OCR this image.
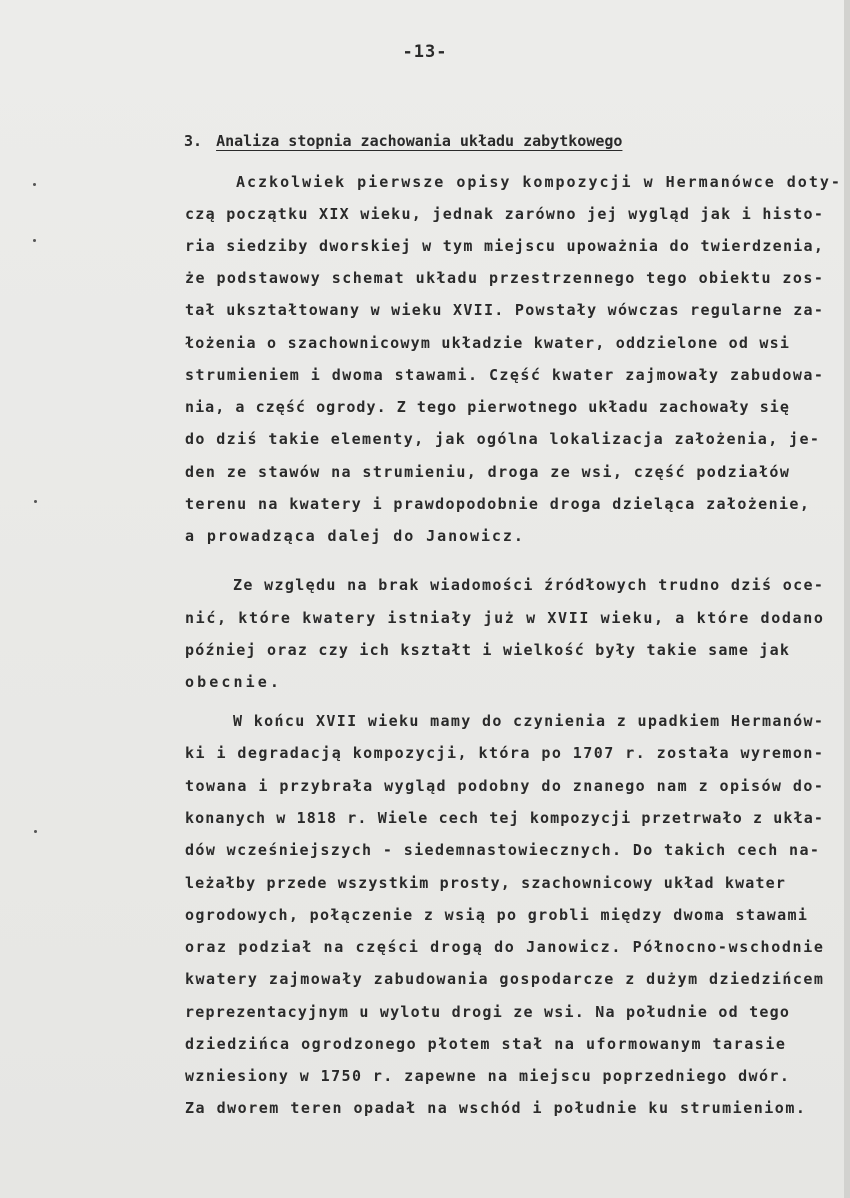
-13-
3. Analiza stopnia zachowania układu zabytkowego
Aczkolwiek pierwsze opisy kompozycji w Hermanówce doty-
czą początku XIX wieku, jednak zarówno jej wygląd jak i histo-
ria siedziby dworskiej w tym miejscu upoważnia do twierdzenia,
że podstawowy schemat układu przestrzennego tego obiektu zos-
tał ukształtowany w wieku XVII. Powstały wówczas regularne za-
łożenia o szachownicowym układzie kwater, oddzielone od wsi
strumieniem i dwoma stawami. Część kwater zajmowały zabudowa-
nia, a część ogrody. Z tego pierwotnego układu zachowały się
do dziś takie elementy, jak ogólna lokalizacja założenia, je-
den ze stawów na strumieniu, droga ze wsi, część podziałów
terenu na kwatery i prawdopodobnie droga dzieląca założenie,
a prowadząca dalej do Janowicz.
Ze względu na brak wiadomości źródłowych trudno dziś oce-
nić, które kwatery istniały już w XVII wieku, a które dodano
później oraz czy ich kształt i wielkość były takie same jak
obecnie.
W końcu XVII wieku mamy do czynienia z upadkiem Hermanów-
ki i degradacją kompozycji, która po 1707 r. została wyremon-
towana i przybrała wygląd podobny do znanego nam z opisów do-
konanych w 1818 r. Wiele cech tej kompozycji przetrwało z ukła-
dów wcześniejszych - siedemnastowiecznych. Do takich cech na-
leżałby przede wszystkim prosty, szachownicowy układ kwater
ogrodowych, połączenie z wsią po grobli między dwoma stawami
oraz podział na części drogą do Janowicz. Północno-wschodnie
kwatery zajmowały zabudowania gospodarcze z dużym dziedzińcem
reprezentacyjnym u wylotu drogi ze wsi. Na południe od tego
dziedzińca ogrodzonego płotem stał na uformowanym tarasie
wzniesiony w 1750 r. zapewne na miejscu poprzedniego dwór.
Za dworem teren opadał na wschód i południe ku strumieniom.
